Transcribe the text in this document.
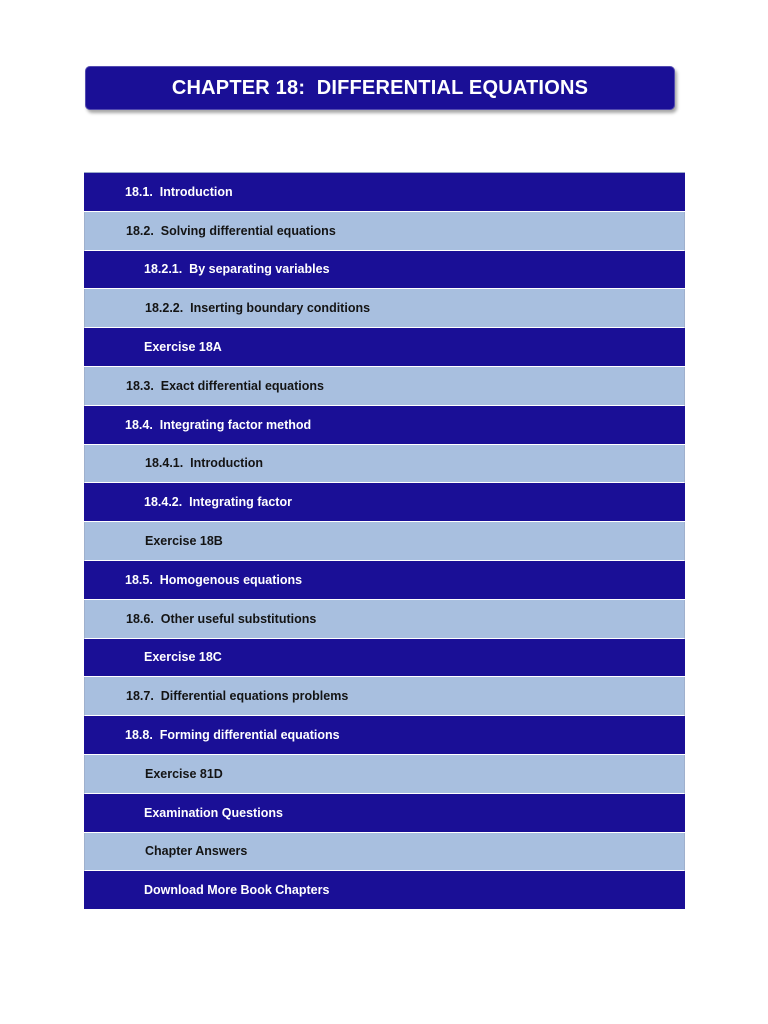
CHAPTER 18:  DIFFERENTIAL EQUATIONS
18.1.  Introduction
18.2.  Solving differential equations
18.2.1.  By separating variables
18.2.2.  Inserting boundary conditions
Exercise 18A
18.3.  Exact differential equations
18.4.  Integrating factor method
18.4.1.  Introduction
18.4.2.  Integrating factor
Exercise 18B
18.5.  Homogenous equations
18.6.  Other useful substitutions
Exercise 18C
18.7.  Differential equations problems
18.8.  Forming differential equations
Exercise 81D
Examination Questions
Chapter Answers
Download More Book Chapters
